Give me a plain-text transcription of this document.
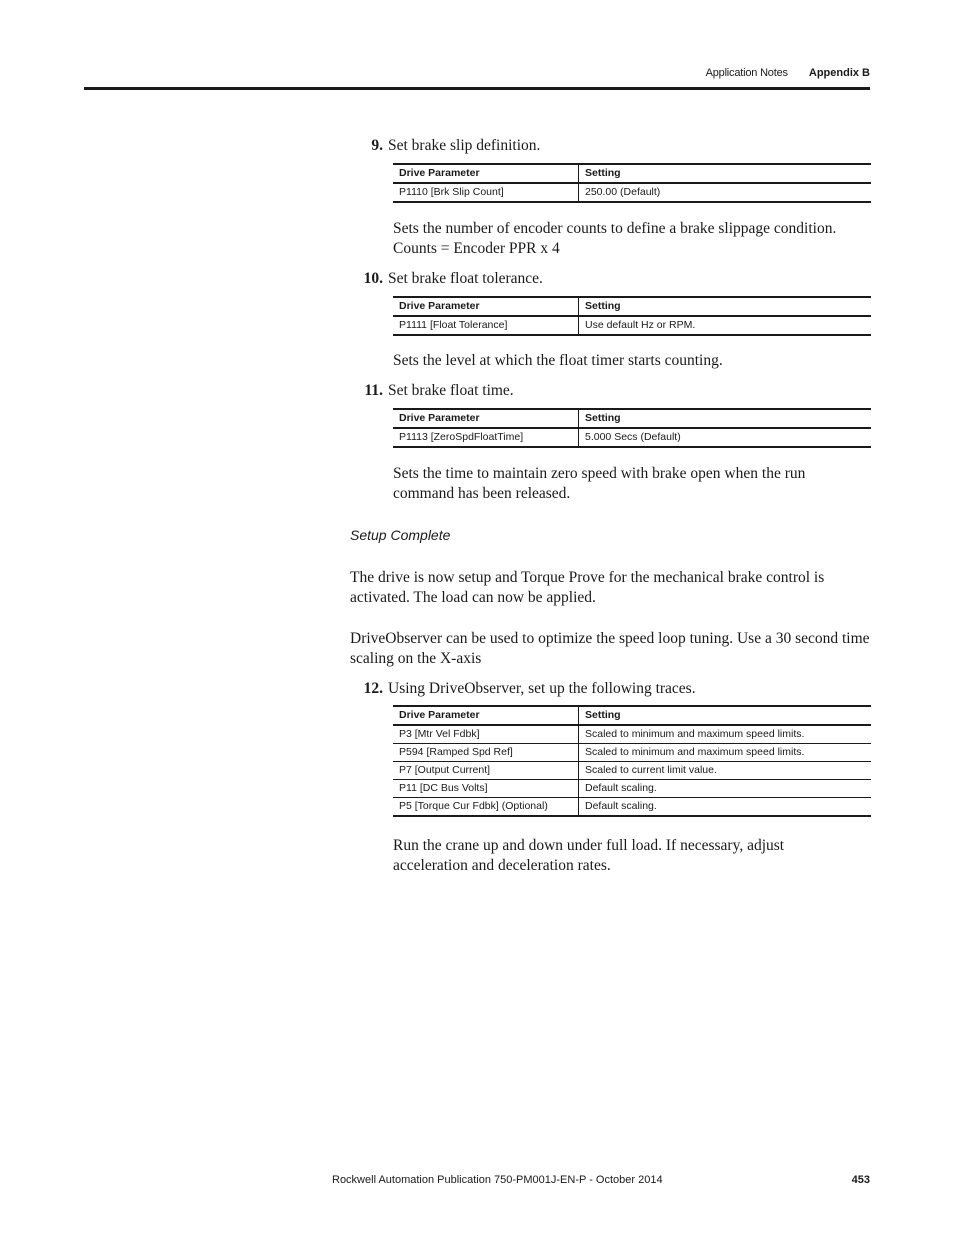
Application Notes Appendix B
9. Set brake slip definition.
Drive Parameter	Setting
P1110 [Brk Slip Count]	250.00 (Default)
Sets the number of encoder counts to define a brake slippage condition.
Counts = Encoder PPR x 4
10. Set brake float tolerance.
Drive Parameter	Setting
P1111 [Float Tolerance]	Use default Hz or RPM.
Sets the level at which the float timer starts counting.
11. Set brake float time.
Drive Parameter	Setting
P1113 [ZeroSpdFloatTime]	5.000 Secs (Default)
Sets the time to maintain zero speed with brake open when the run command has been released.
Setup Complete
The drive is now setup and Torque Prove for the mechanical brake control is activated. The load can now be applied.
DriveObserver can be used to optimize the speed loop tuning. Use a 30 second time scaling on the X-axis
12. Using DriveObserver, set up the following traces.
Drive Parameter	Setting
P3 [Mtr Vel Fdbk]	Scaled to minimum and maximum speed limits.
P594 [Ramped Spd Ref]	Scaled to minimum and maximum speed limits.
P7 [Output Current]	Scaled to current limit value.
P11 [DC Bus Volts]	Default scaling.
P5 [Torque Cur Fdbk] (Optional)	Default scaling.
Run the crane up and down under full load. If necessary, adjust acceleration and deceleration rates.
Rockwell Automation Publication 750-PM001J-EN-P - October 2014	453
